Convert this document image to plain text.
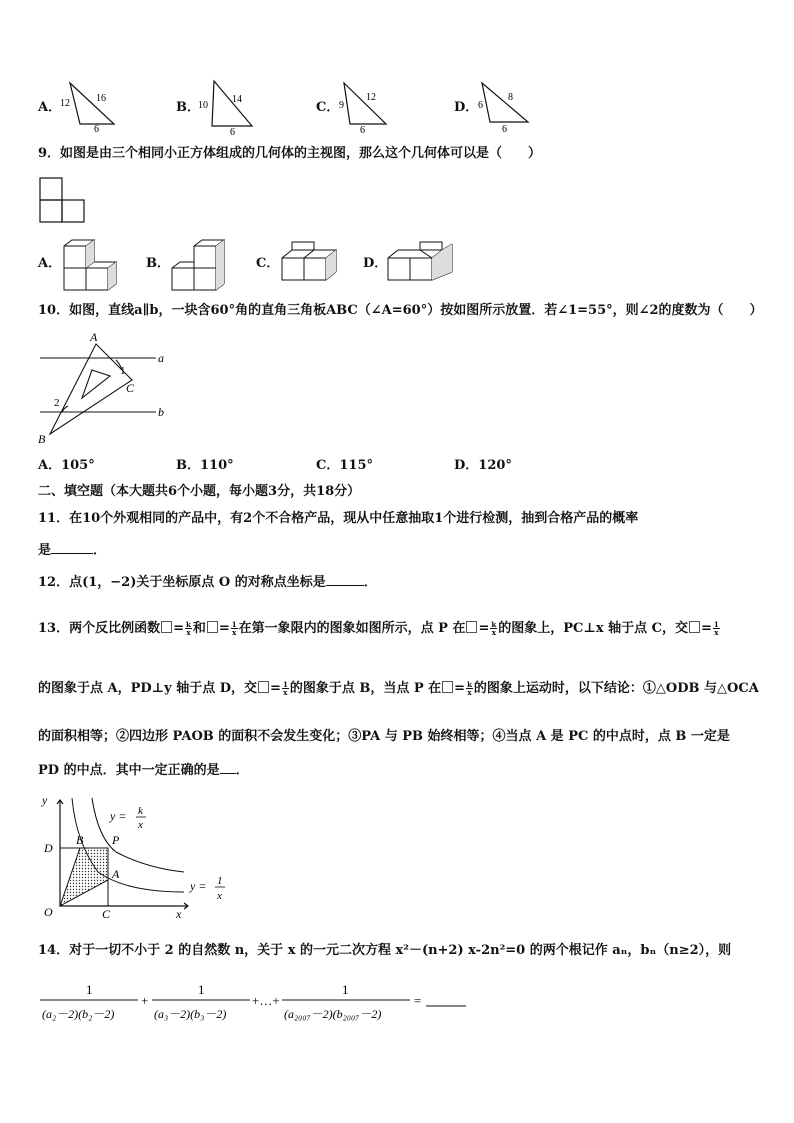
A．
12	16
6
B．
10
14
6
C． 9
12
6
D． 6
8
6
9．如图是由三个相同小正方体组成的几何体的主视图，那么这个几何体可以是（　　）
A．	B．	C．	D．
10．如图，直线a∥b，一块含60°角的直角三角板ABC（∠A=60°）按如图所示放置．若∠1=55°，则∠2的度数为（　　）
A
a
1
C
2
b
B
A．105°	B．110°	C．115°	D．120°
二、填空题（本大题共6个小题，每小题3分，共18分）
11．在10个外观相同的产品中，有2个不合格产品，现从中任意抽取1个进行检测，抽到合格产品的概率
是	．
12．点(1，−2)关于坐标原点 O 的对称点坐标是	．
13．两个反比例函数 = $\frac{k}{x}$ 和 = $\frac{1}{x}$ 在第一象限内的图象如图所示，点 P 在 = $\frac{k}{x}$ 的图象上，PC⊥x 轴于点 C，交 = $\frac{1}{x}$
的图象于点 A，PD⊥y 轴于点 D，交 = $\frac{1}{x}$ 的图象于点 B，当点 P 在 = $\frac{k}{x}$ 的图象上运动时，以下结论：①△ODB 与△OCA
的面积相等；②四边形 PAOB 的面积不会发生变化；③PA 与 PB 始终相等；④当点 A 是 PC 的中点时，点 B 一定是
PD 的中点．其中一定正确的是 ．
y
x
O	C
D
B P
A
y = k
x
y = 1
x
14．对于一切不小于 2 的自然数 n，关于 x 的一元二次方程 x²－(n+2) x-2n²=0 的两个根记作 aₙ，bₙ（n≥2），则
1
(a₂－2)(b₂－2)
+
1
(a₃－2)(b₃－2)
+…+
1
(a₂₀₀₇－2)(b₂₀₀₇－2)
=
